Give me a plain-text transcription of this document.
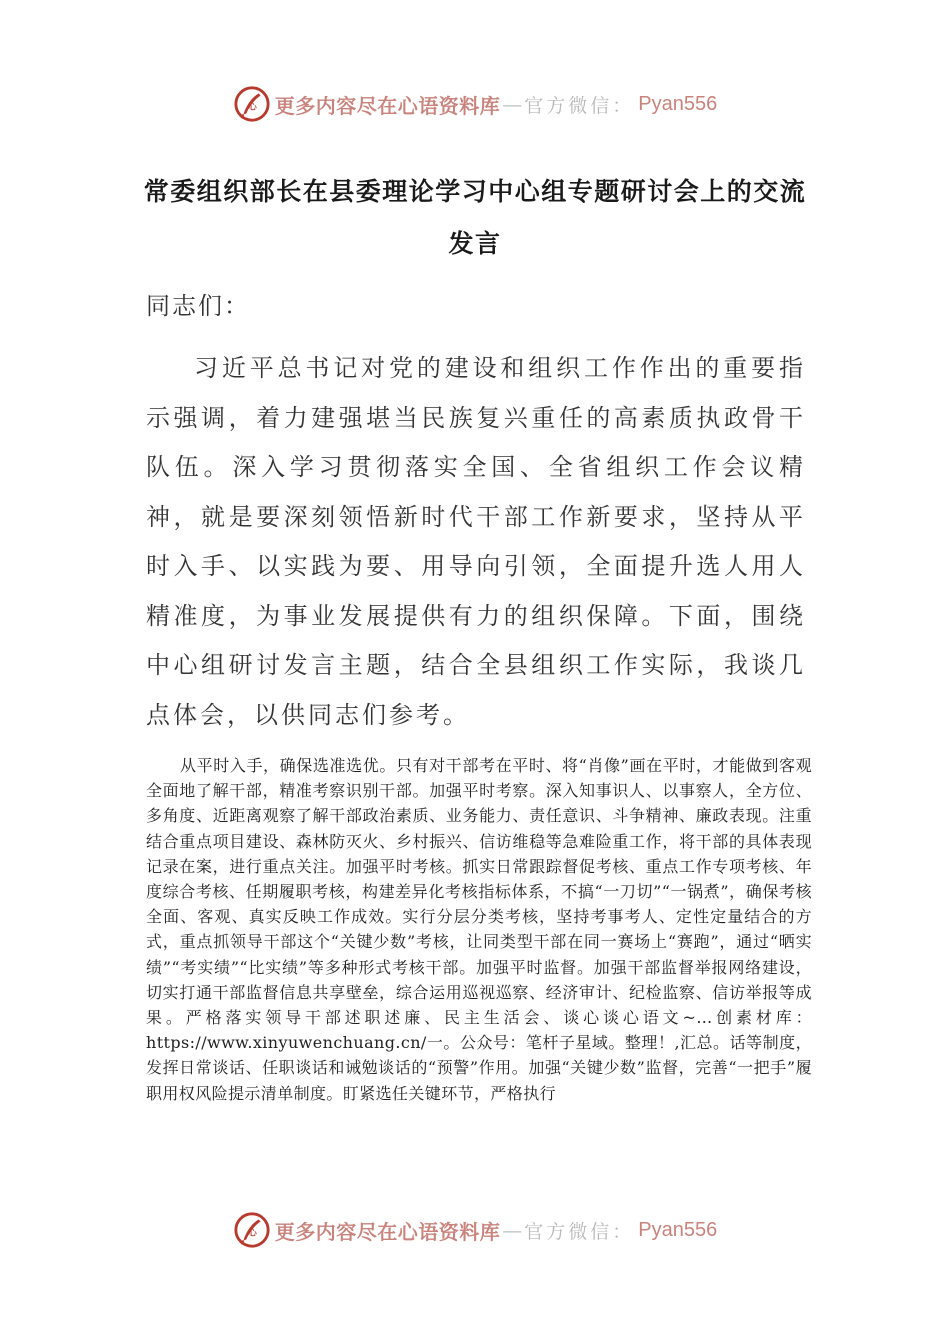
心 更多内容尽在心语资料库 — 官方微信： Pyan556
常委组织部长在县委理论学习中心组专题研讨会上的交流
发言
同志们：

习近平总书记对党的建设和组织工作作出的重要指示强调，着力建强堪当民族复兴重任的高素质执政骨干队伍。深入学习贯彻落实全国、全省组织工作会议精神，就是要深刻领悟新时代干部工作新要求，坚持从平时入手、以实践为要、用导向引领，全面提升选人用人精准度，为事业发展提供有力的组织保障。下面，围绕中心组研讨发言主题，结合全县组织工作实际，我谈几点体会，以供同志们参考。

从平时入手，确保选准选优。只有对干部考在平时、将“肖像”画在平时，才能做到客观全面地了解干部，精准考察识别干部。加强平时考察。深入知事识人、以事察人，全方位、多角度、近距离观察了解干部政治素质、业务能力、责任意识、斗争精神、廉政表现。注重结合重点项目建设、森林防灭火、乡村振兴、信访维稳等急难险重工作，将干部的具体表现记录在案，进行重点关注。加强平时考核。抓实日常跟踪督促考核、重点工作专项考核、年度综合考核、任期履职考核，构建差异化考核指标体系，不搞“一刀切”“一锅煮”，确保考核全面、客观、真实反映工作成效。实行分层分类考核，坚持考事考人、定性定量结合的方式，重点抓领导干部这个“关键少数”考核，让同类型干部在同一赛场上“赛跑”，通过“晒实绩”“考实绩”“比实绩”等多种形式考核干部。加强平时监督。加强干部监督举报网络建设，切实打通干部监督信息共享壁垒，综合运用巡视巡察、经济审计、纪检监察、信访举报等成果。严格落实领导干部述职述廉、民主生活会、谈心谈心语文~…创素材库：https://www.xinyuwenchuang.cn/一。公众号：笔杆子星域。整理！,汇总。话等制度，发挥日常谈话、任职谈话和诫勉谈话的“预警”作用。加强“关键少数”监督，完善“一把手”履职用权风险提示清单制度。盯紧选任关键环节，严格执行

心 更多内容尽在心语资料库 — 官方微信： Pyan556
